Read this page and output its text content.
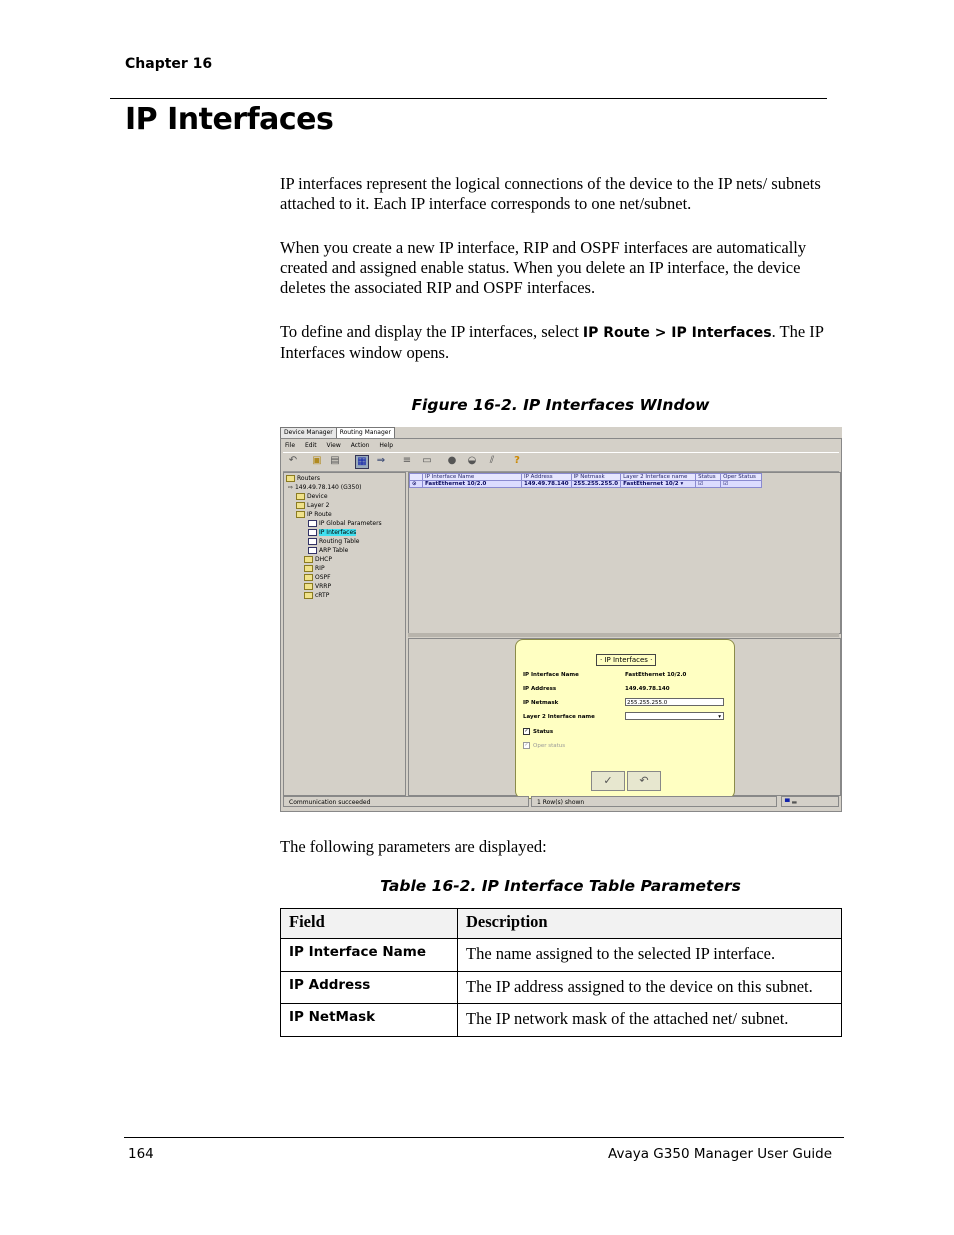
Chapter 16
IP Interfaces
IP interfaces represent the logical connections of the device to the IP nets/ subnets attached to it. Each IP interface corresponds to one net/subnet.
When you create a new IP interface, RIP and OSPF interfaces are automatically created and assigned enable status. When you delete an IP interface, the device deletes the associated RIP and OSPF interfaces.
To define and display the IP interfaces, select IP Route > IP Interfaces. The IP Interfaces window opens.
Figure 16-2. IP Interfaces WIndow
Device Manager Routing Manager
File Edit View Action Help
↶ ▣ ▤ ▦ ⇒ ≡ ▭ ● ◒	⫽	?
Routers
⇨ 149.49.78.140 (G350)
Device
Layer 2
IP Route
IP Global Parameters
IP Interfaces
Routing Table
ARP Table
DHCP
RIP
OSPF
VRRP
cRTP
	IP Interface Name	IP Address	IP Netmask	Layer 2 Interface name	Status	Oper Status
⊙	FastEthernet 10/2.0	149.49.78.140	255.255.255.0	FastEthernet 10/2 ▾	☑	☑
· IP Interfaces ·
IP Interface Name	FastEthernet 10/2.0
IP Address	149.49.78.140
IP Netmask	255.255.255.0
Layer 2 Interface name	▾
✓ Status
✓ Oper status
✓	↶
Communication succeeded	1 Row(s) shown	▀ ▬
The following parameters are displayed:
Table 16-2. IP Interface Table Parameters
Field	Description
IP Interface Name	The name assigned to the selected IP interface.
IP Address	The IP address assigned to the device on this subnet.
IP NetMask	The IP network mask of the attached net/ subnet.
164	Avaya G350 Manager User Guide
